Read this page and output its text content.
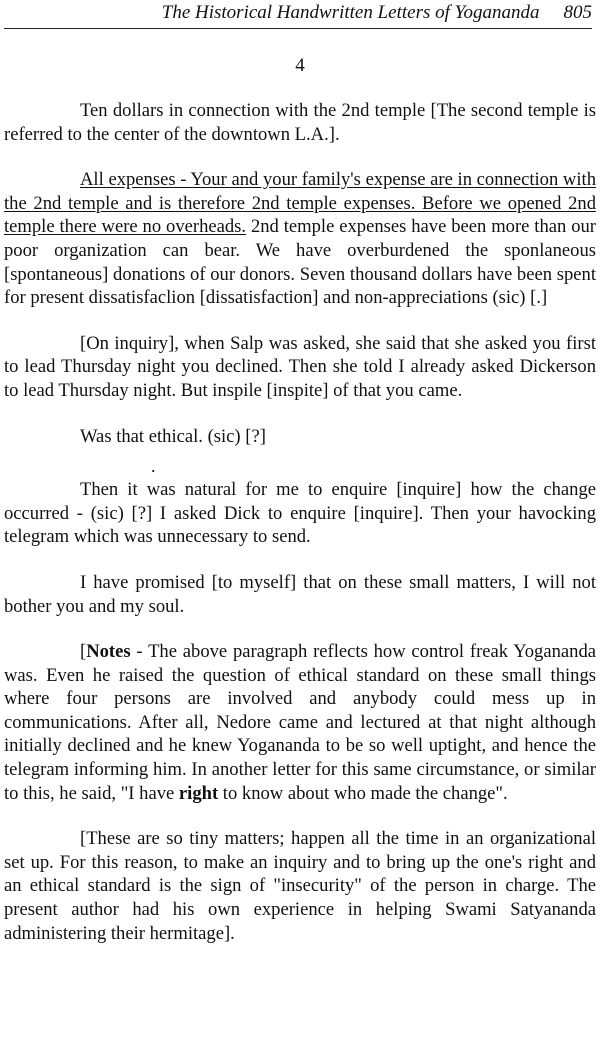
The Historical Handwritten Letters of Yogananda 805
4

Ten dollars in connection with the 2nd temple [The second temple is referred to the center of the downtown L.A.].

All expenses - Your and your family's expense are in connection with the 2nd temple and is therefore 2nd temple expenses. Before we opened 2nd temple there were no overheads. 2nd temple expenses have been more than our poor organization can bear. We have overburdened the sponlaneous [spontaneous] donations of our donors. Seven thousand dollars have been spent for present dissatisfaclion [dissatisfaction] and non-appreciations (sic) [.]

[On inquiry], when Salp was asked, she said that she asked you first to lead Thursday night you declined. Then she told I already asked Dickerson to lead Thursday night. But inspile [inspite] of that you came.

Was that ethical. (sic) [?]

.

Then it was natural for me to enquire [inquire] how the change occurred - (sic) [?] I asked Dick to enquire [inquire]. Then your havocking telegram which was unnecessary to send.

I have promised [to myself] that on these small matters, I will not bother you and my soul.

[Notes - The above paragraph reflects how control freak Yogananda was. Even he raised the question of ethical standard on these small things where four persons are involved and anybody could mess up in communications. After all, Nedore came and lectured at that night although initially declined and he knew Yogananda to be so well uptight, and hence the telegram informing him. In another letter for this same circumstance, or similar to this, he said, "I have right to know about who made the change".

[These are so tiny matters; happen all the time in an organizational set up. For this reason, to make an inquiry and to bring up the one's right and an ethical standard is the sign of "insecurity" of the person in charge. The present author had his own experience in helping Swami Satyananda administering their hermitage].
